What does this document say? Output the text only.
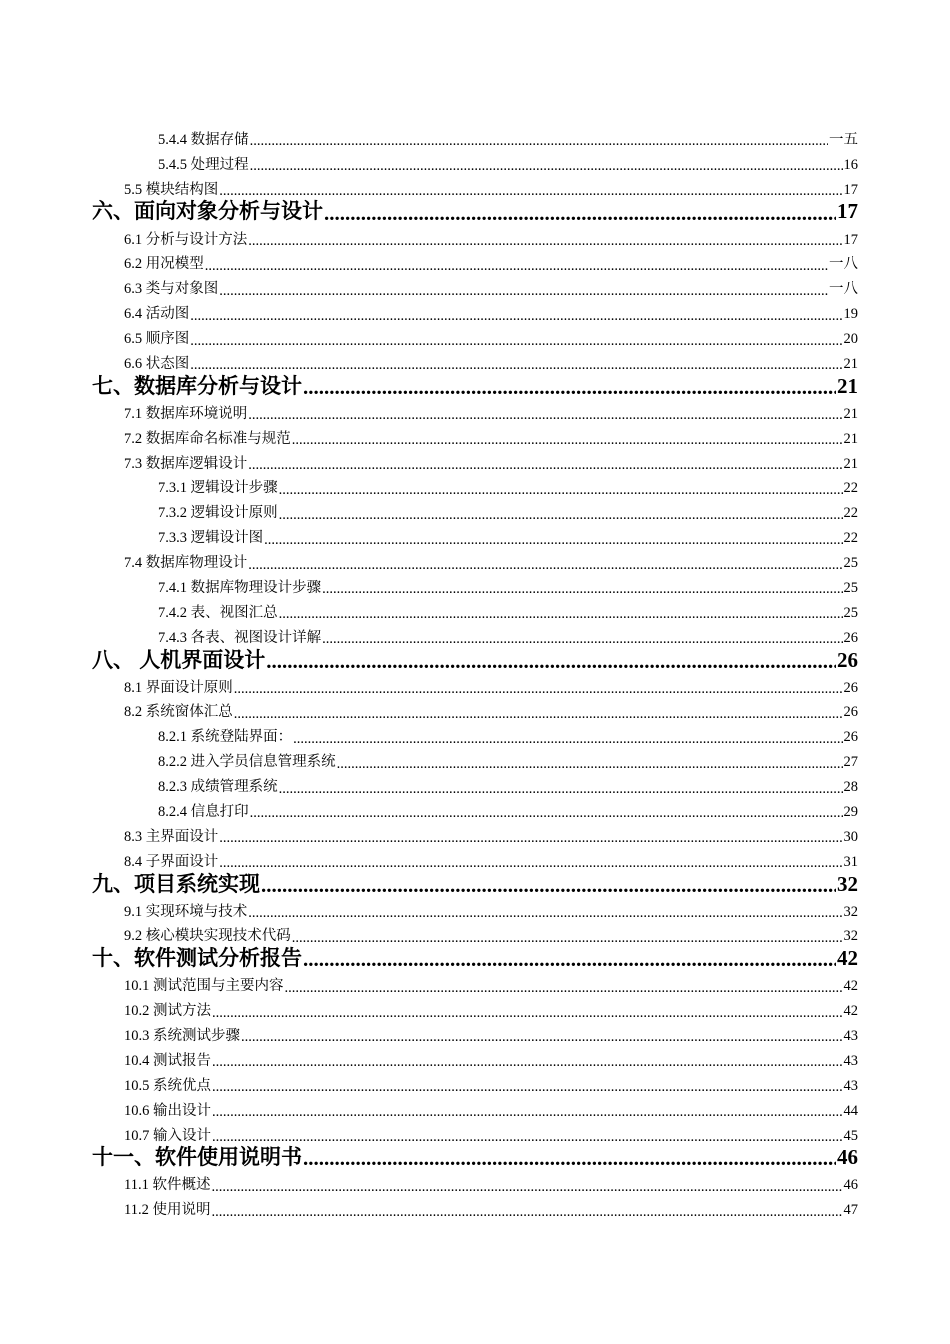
5.4.4 数据存储 .....	一五
5.4.5 处理过程 .....	16
5.5 模块结构图 .....	17
六、面向对象分析与设计 .....	17
6.1 分析与设计方法 .....	17
6.2 用况模型 .....	一八
6.3 类与对象图 .....	一八
6.4 活动图 .....	19
6.5 顺序图 .....	20
6.6 状态图 .....	21
七、数据库分析与设计 .....	21
7.1 数据库环境说明 .....	21
7.2 数据库命名标准与规范 .....	21
7.3 数据库逻辑设计 .....	21
7.3.1 逻辑设计步骤 .....	22
7.3.2 逻辑设计原则 .....	22
7.3.3 逻辑设计图 .....	22
7.4 数据库物理设计 .....	25
7.4.1 数据库物理设计步骤 .....	25
7.4.2 表、视图汇总 .....	25
7.4.3 各表、视图设计详解 .....	26
八、 人机界面设计 .....	26
8.1 界面设计原则 .....	26
8.2 系统窗体汇总 .....	26
8.2.1 系统登陆界面： .....	26
8.2.2 进入学员信息管理系统 .....	27
8.2.3 成绩管理系统 .....	28
8.2.4 信息打印 .....	29
8.3 主界面设计 .....	30
8.4 子界面设计 .....	31
九、项目系统实现 .....	32
9.1 实现环境与技术 .....	32
9.2 核心模块实现技术代码 .....	32
十、软件测试分析报告 .....	42
10.1 测试范围与主要内容 .....	42
10.2 测试方法 .....	42
10.3 系统测试步骤 .....	43
10.4 测试报告 .....	43
10.5 系统优点 .....	43
10.6 输出设计 .....	44
10.7 输入设计 .....	45
十一、软件使用说明书 .....	46
11.1 软件概述 .....	46
11.2 使用说明 .....	47
